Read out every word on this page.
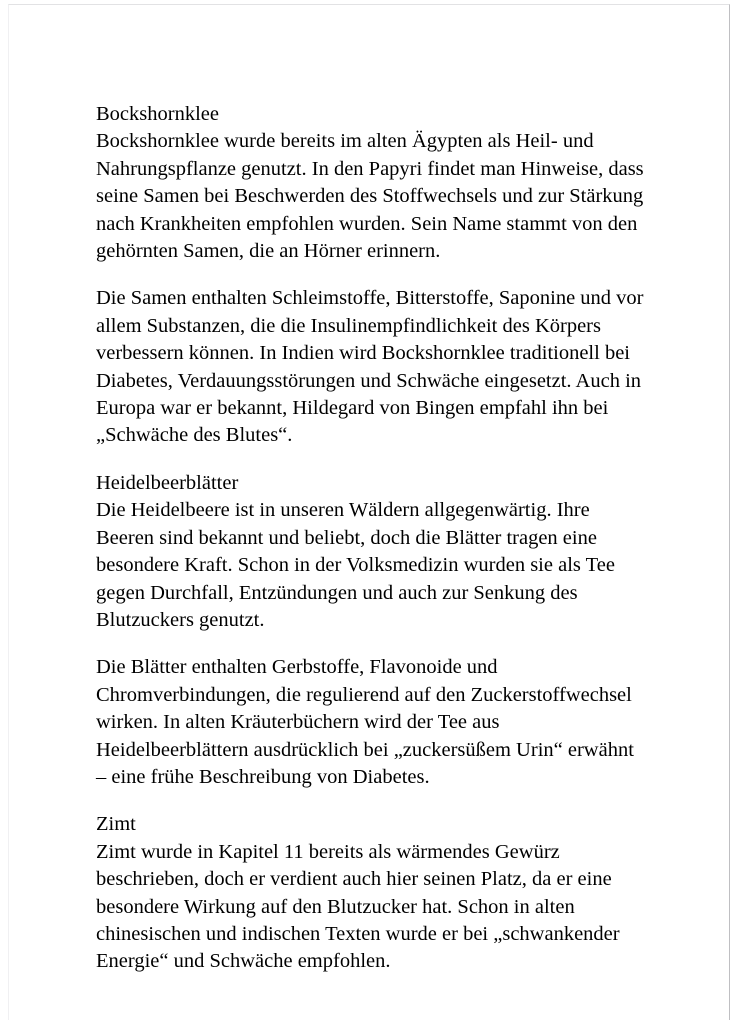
Bockshornklee

Bockshornklee wurde bereits im alten Ägypten als Heil- und Nahrungspflanze genutzt. In den Papyri findet man Hinweise, dass seine Samen bei Beschwerden des Stoffwechsels und zur Stärkung nach Krankheiten empfohlen wurden. Sein Name stammt von den gehörnten Samen, die an Hörner erinnern.

Die Samen enthalten Schleimstoffe, Bitterstoffe, Saponine und vor allem Substanzen, die die Insulinempfindlichkeit des Körpers verbessern können. In Indien wird Bockshornklee traditionell bei Diabetes, Verdauungsstörungen und Schwäche eingesetzt. Auch in Europa war er bekannt, Hildegard von Bingen empfahl ihn bei „Schwäche des Blutes“.

Heidelbeerblätter

Die Heidelbeere ist in unseren Wäldern allgegenwärtig. Ihre Beeren sind bekannt und beliebt, doch die Blätter tragen eine besondere Kraft. Schon in der Volksmedizin wurden sie als Tee gegen Durchfall, Entzündungen und auch zur Senkung des Blutzuckers genutzt.

Die Blätter enthalten Gerbstoffe, Flavonoide und Chromverbindungen, die regulierend auf den Zuckerstoffwechsel wirken. In alten Kräuterbüchern wird der Tee aus Heidelbeerblättern ausdrücklich bei „zuckersüßem Urin“ erwähnt – eine frühe Beschreibung von Diabetes.

Zimt

Zimt wurde in Kapitel 11 bereits als wärmendes Gewürz beschrieben, doch er verdient auch hier seinen Platz, da er eine besondere Wirkung auf den Blutzucker hat. Schon in alten chinesischen und indischen Texten wurde er bei „schwankender Energie“ und Schwäche empfohlen.
